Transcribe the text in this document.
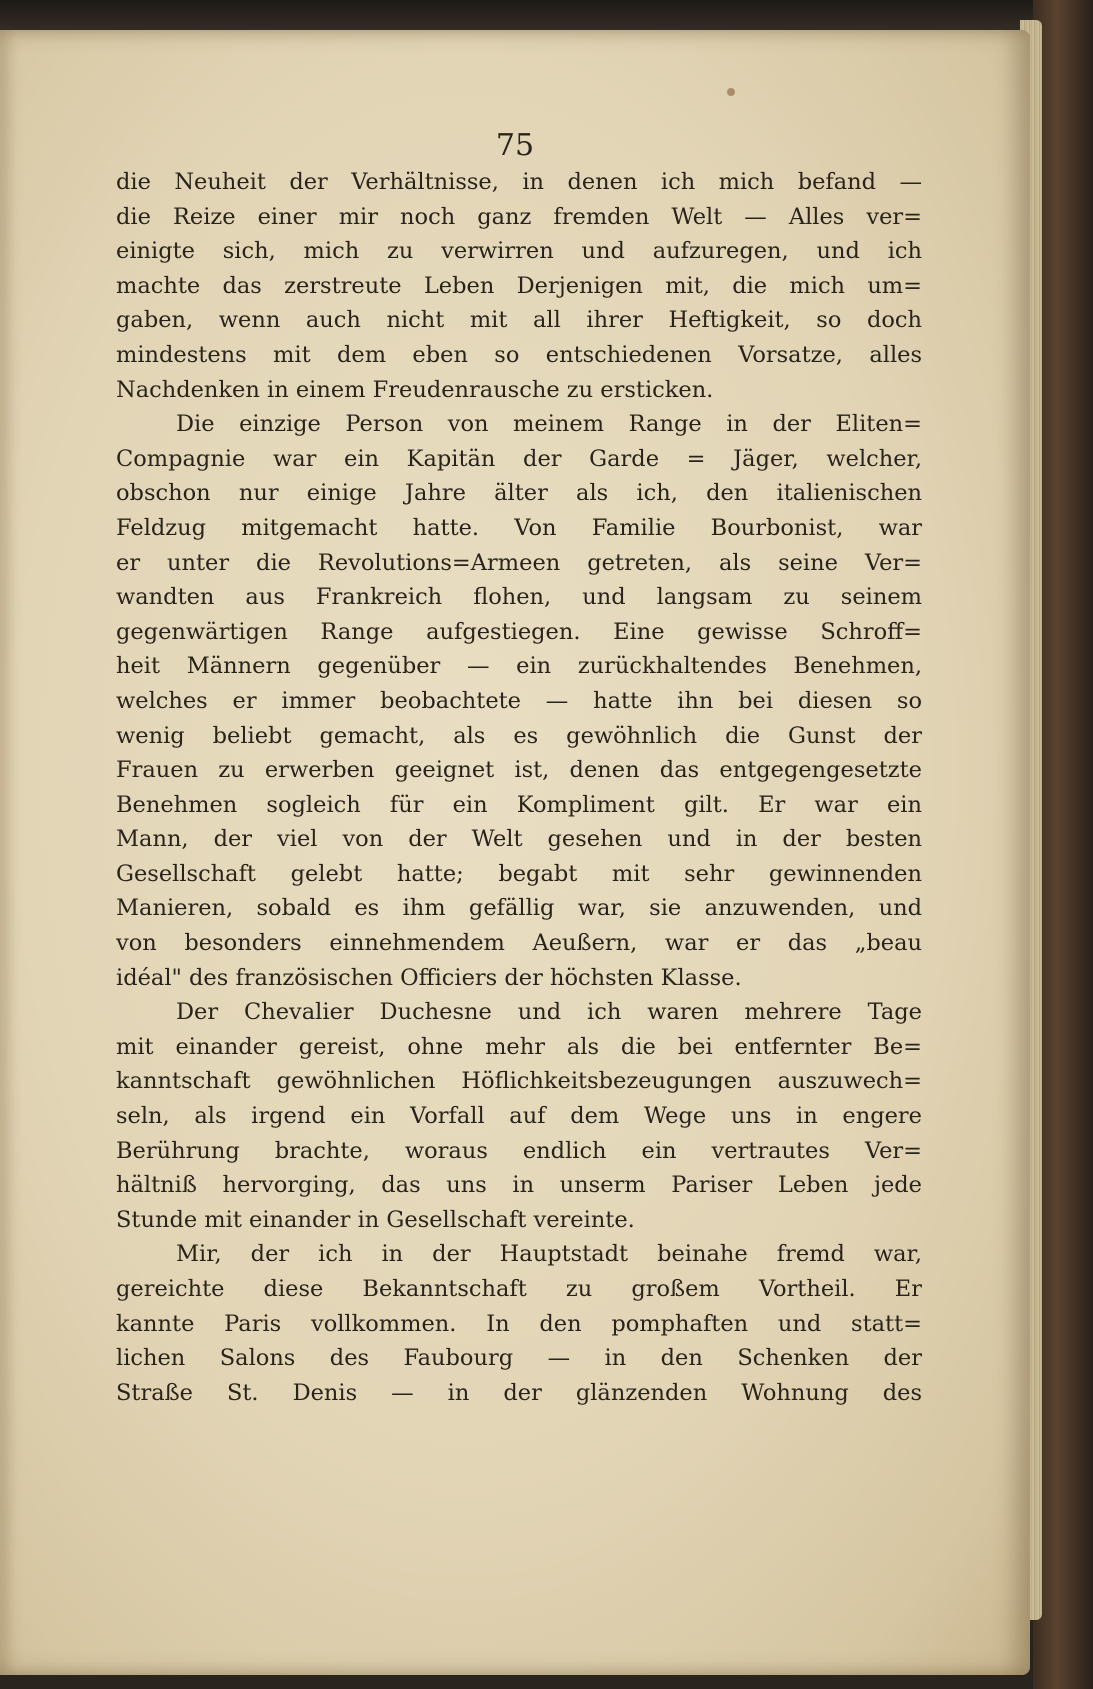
75

die Neuheit der Verhältnisse, in denen ich mich befand —
die Reize einer mir noch ganz fremden Welt — Alles ver=
einigte sich, mich zu verwirren und aufzuregen, und ich
machte das zerstreute Leben Derjenigen mit, die mich um=
gaben, wenn auch nicht mit all ihrer Heftigkeit, so doch
mindestens mit dem eben so entschiedenen Vorsatze, alles
Nachdenken in einem Freudenrausche zu ersticken.
Die einzige Person von meinem Range in der Eliten=
Compagnie war ein Kapitän der Garde = Jäger, welcher,
obschon nur einige Jahre älter als ich, den italienischen
Feldzug mitgemacht hatte. Von Familie Bourbonist, war
er unter die Revolutions=Armeen getreten, als seine Ver=
wandten aus Frankreich flohen, und langsam zu seinem
gegenwärtigen Range aufgestiegen. Eine gewisse Schroff=
heit Männern gegenüber — ein zurückhaltendes Benehmen,
welches er immer beobachtete — hatte ihn bei diesen so
wenig beliebt gemacht, als es gewöhnlich die Gunst der
Frauen zu erwerben geeignet ist, denen das entgegengesetzte
Benehmen sogleich für ein Kompliment gilt. Er war ein
Mann, der viel von der Welt gesehen und in der besten
Gesellschaft gelebt hatte; begabt mit sehr gewinnenden
Manieren, sobald es ihm gefällig war, sie anzuwenden, und
von besonders einnehmendem Aeußern, war er das „beau
idéal" des französischen Officiers der höchsten Klasse.
Der Chevalier Duchesne und ich waren mehrere Tage
mit einander gereist, ohne mehr als die bei entfernter Be=
kanntschaft gewöhnlichen Höflichkeitsbezeugungen auszuwech=
seln, als irgend ein Vorfall auf dem Wege uns in engere
Berührung brachte, woraus endlich ein vertrautes Ver=
hältniß hervorging, das uns in unserm Pariser Leben jede
Stunde mit einander in Gesellschaft vereinte.
Mir, der ich in der Hauptstadt beinahe fremd war,
gereichte diese Bekanntschaft zu großem Vortheil. Er
kannte Paris vollkommen. In den pomphaften und statt=
lichen Salons des Faubourg — in den Schenken der
Straße St. Denis — in der glänzenden Wohnung des
